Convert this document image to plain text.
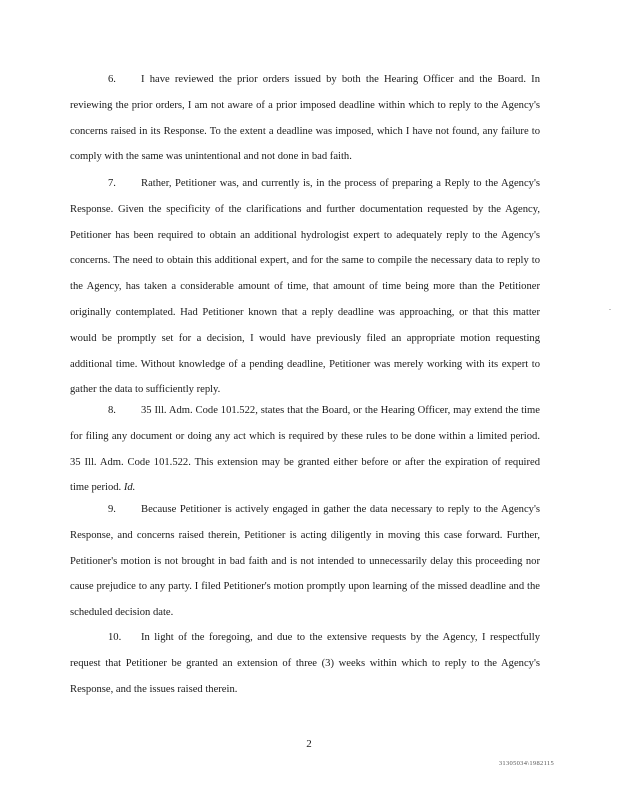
6. I have reviewed the prior orders issued by both the Hearing Officer and the Board. In reviewing the prior orders, I am not aware of a prior imposed deadline within which to reply to the Agency's concerns raised in its Response. To the extent a deadline was imposed, which I have not found, any failure to comply with the same was unintentional and not done in bad faith.

7. Rather, Petitioner was, and currently is, in the process of preparing a Reply to the Agency's Response. Given the specificity of the clarifications and further documentation requested by the Agency, Petitioner has been required to obtain an additional hydrologist expert to adequately reply to the Agency's concerns. The need to obtain this additional expert, and for the same to compile the necessary data to reply to the Agency, has taken a considerable amount of time, that amount of time being more than the Petitioner originally contemplated. Had Petitioner known that a reply deadline was approaching, or that this matter would be promptly set for a decision, I would have previously filed an appropriate motion requesting additional time. Without knowledge of a pending deadline, Petitioner was merely working with its expert to gather the data to sufficiently reply.

8. 35 Ill. Adm. Code 101.522, states that the Board, or the Hearing Officer, may extend the time for filing any document or doing any act which is required by these rules to be done within a limited period. 35 Ill. Adm. Code 101.522. This extension may be granted either before or after the expiration of required time period. Id.

9. Because Petitioner is actively engaged in gather the data necessary to reply to the Agency's Response, and concerns raised therein, Petitioner is acting diligently in moving this case forward. Further, Petitioner's motion is not brought in bad faith and is not intended to unnecessarily delay this proceeding nor cause prejudice to any party. I filed Petitioner's motion promptly upon learning of the missed deadline and the scheduled decision date.

10. In light of the foregoing, and due to the extensive requests by the Agency, I respectfully request that Petitioner be granted an extension of three (3) weeks within which to reply to the Agency's Response, and the issues raised therein.

.

2

31305034\1982115
